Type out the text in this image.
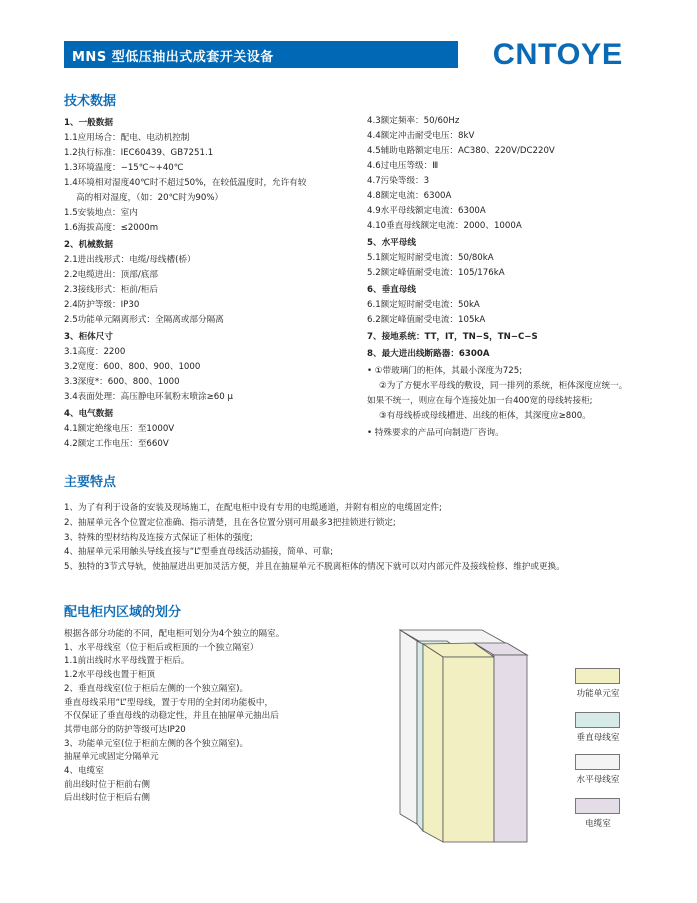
MNS 型低压抽出式成套开关设备	CNTOYE
技术数据
1、一般数据
1.1应用场合：配电、电动机控制
1.2执行标准：IEC60439、GB7251.1
1.3环境温度：−15℃~+40℃
1.4环境相对湿度40℃时不超过50%，在较低温度时，允许有较
高的相对湿度，（如：20℃时为90%）
1.5安装地点：室内
1.6海拔高度：≤2000m
2、机械数据
2.1进出线形式：电缆/母线槽(桥）
2.2电缆进出：顶部/底部
2.3接线形式：柜前/柜后
2.4防护等级：IP30
2.5功能单元隔离形式：全隔离或部分隔离
3、柜体尺寸
3.1高度：2200
3.2宽度：600、800、900、1000
3.3深度*：600、800、1000
3.4表面处理：高压静电环氧粉末喷涂≥60 μ
4、电气数据
4.1额定绝缘电压：至1000V
4.2额定工作电压：至660V
4.3额定频率：50/60Hz
4.4额定冲击耐受电压：8kV
4.5辅助电路额定电压：AC380、220V/DC220V
4.6过电压等级：Ⅲ
4.7污染等级：3
4.8额定电流：6300A
4.9水平母线额定电流：6300A
4.10垂直母线额定电流：2000、1000A
5、水平母线
5.1额定短时耐受电流：50/80kA
5.2额定峰值耐受电流：105/176kA
6、垂直母线
6.1额定短时耐受电流：50kA
6.2额定峰值耐受电流：105kA
7、接地系统：TT，IT，TN−S，TN−C−S
8、最大进出线断路器：6300A
• ①带玻璃门的柜体，其最小深度为725;
②为了方便水平母线的敷设，同一排列的系统，柜体深度应统一。
如果不统一，则应在每个连接处加一台400宽的母线转接柜;
③有母线桥或母线槽进、出线的柜体，其深度应≥800。
• 特殊要求的产品可向制造厂咨询。
主要特点
1、为了有利于设备的安装及现场施工，在配电柜中设有专用的电缆通道，并附有相应的电缆固定件;
2、抽屉单元各个位置定位准确、指示清楚，且在各位置分别可用最多3把挂锁进行锁定;
3、特殊的型材结构及连接方式保证了柜体的强度;
4、抽屉单元采用触头导线直接与“L”型垂直母线活动插接，简单、可靠;
5、独特的3节式导轨，使抽屉进出更加灵活方便，并且在抽屉单元不脱离柜体的情况下就可以对内部元件及接线检修、维护或更换。
配电柜内区域的划分
根据各部分功能的不同，配电柜可划分为4个独立的隔室。
1、水平母线室（位于柜后或柜顶的一个独立隔室）
1.1前出线时水平母线置于柜后。
1.2水平母线也置于柜顶
2、垂直母线室(位于柜后左侧的一个独立隔室)。
垂直母线采用“L”型母线，置于专用的全封闭功能板中，
不仅保证了垂直母线的动稳定性，并且在抽屉单元抽出后
其带电部分的防护等级可达IP20
3、功能单元室(位于柜前左侧的各个独立隔室)。
抽屉单元或固定分隔单元
4、电缆室
前出线时位于柜前右侧
后出线时位于柜后右侧
功能单元室
垂直母线室
水平母线室
电缆室
